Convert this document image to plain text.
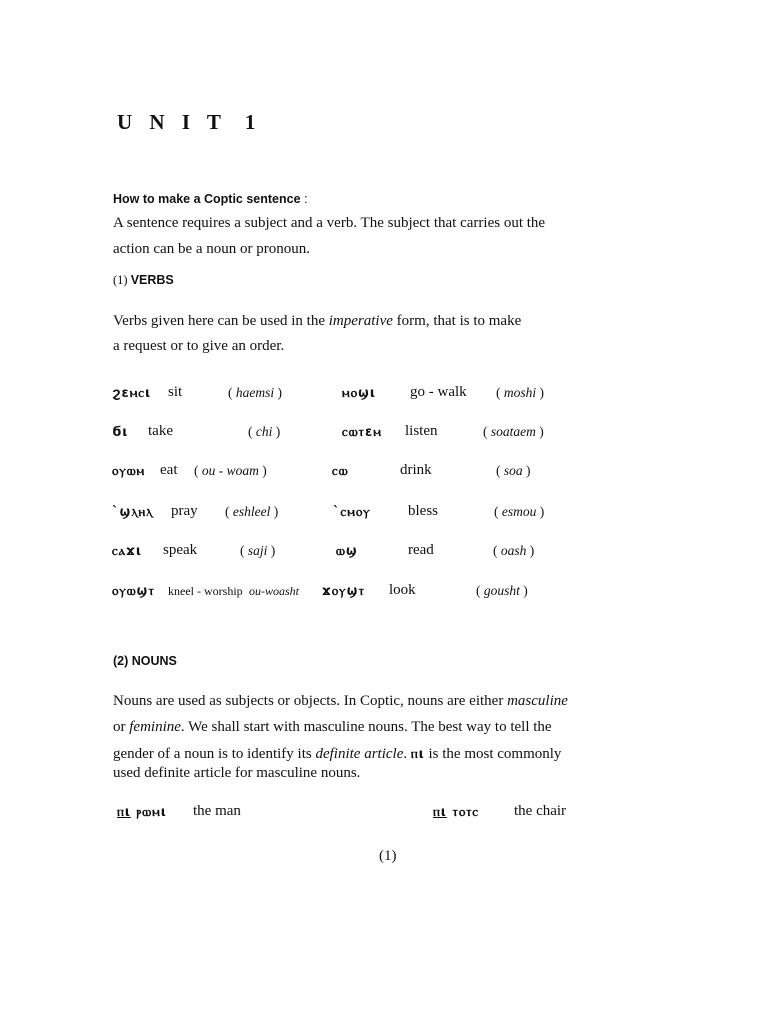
U N I T 1
How to make a Coptic sentence :
A sentence requires a subject and a verb. The subject that carries out the
action can be a noun or pronoun.
(1) VERBS
Verbs given here can be used in the imperative form, that is to make
a request or to give an order.
ϩεⲙⲥι sit	( haemsi )	ⲙⲟϣι go - walk ( moshi )
ϭι take	( chi )	ⲥⲱⲧεⲙ listen	( soataem )
ⲟⲩⲱⲙ eat ( ou - woam )	ⲥⲱ	drink	( soa )
`ϣⲗⲏⲗ pray ( eshleel )	`ⲥⲙⲟⲩ bless	( esmou )
ⲥⲁϫι speak	( saji )	ⲱϣ	read	( oash )
ⲟⲩⲱϣⲧ kneel - worship ou-woasht ϫⲟⲩϣⲧ look	( gousht )
(2) NOUNS
Nouns are used as subjects or objects. In Coptic, nouns are either masculine
or feminine. We shall start with masculine nouns. The best way to tell the
gender of a noun is to identify its definite article. ⲡι is the most commonly
used definite article for masculine nouns.
ⲡι ⲣⲱⲙι the man	ⲡι ⲧⲟⲧⲥ the chair
(1)
